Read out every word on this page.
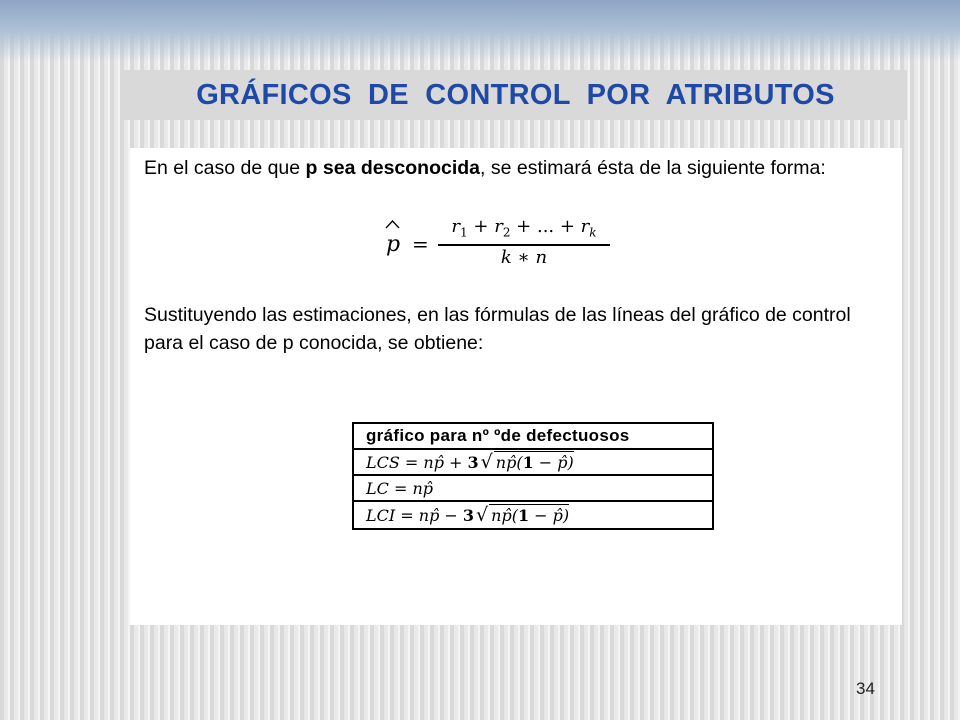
GRÁFICOS DE CONTROL POR ATRIBUTOS
En el caso de que p sea desconocida, se estimará ésta de la siguiente forma:
p =
$r_1 + r_2$ + ... + $r_k$
k ∗ n
Sustituyendo las estimaciones, en las fórmulas de las líneas del gráfico de control para el caso de p conocida, se obtiene:
gráfico para nº ºde defectuosos
LCS = np̂ + 3 √ np̂(1 − p̂)
LC = np̂
LCI = np̂ − 3 √ np̂(1 − p̂)
34
